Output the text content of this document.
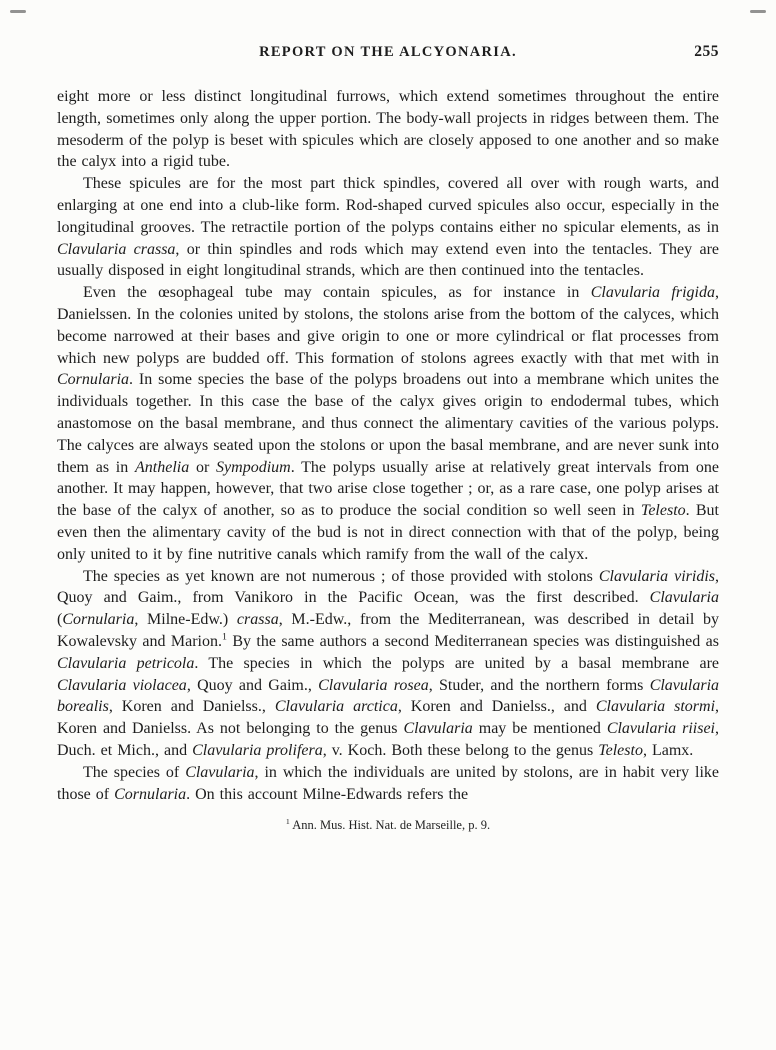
REPORT ON THE ALCYONARIA.	255

eight more or less distinct longitudinal furrows, which extend sometimes throughout the entire length, sometimes only along the upper portion. The body-wall projects in ridges between them. The mesoderm of the polyp is beset with spicules which are closely apposed to one another and so make the calyx into a rigid tube.

These spicules are for the most part thick spindles, covered all over with rough warts, and enlarging at one end into a club-like form. Rod-shaped curved spicules also occur, especially in the longitudinal grooves. The retractile portion of the polyps contains either no spicular elements, as in Clavularia crassa, or thin spindles and rods which may extend even into the tentacles. They are usually disposed in eight longitudinal strands, which are then continued into the tentacles.

Even the œsophageal tube may contain spicules, as for instance in Clavularia frigida, Danielssen. In the colonies united by stolons, the stolons arise from the bottom of the calyces, which become narrowed at their bases and give origin to one or more cylindrical or flat processes from which new polyps are budded off. This formation of stolons agrees exactly with that met with in Cornularia. In some species the base of the polyps broadens out into a membrane which unites the individuals together. In this case the base of the calyx gives origin to endodermal tubes, which anastomose on the basal membrane, and thus connect the alimentary cavities of the various polyps. The calyces are always seated upon the stolons or upon the basal membrane, and are never sunk into them as in Anthelia or Sympodium. The polyps usually arise at relatively great intervals from one another. It may happen, however, that two arise close together ; or, as a rare case, one polyp arises at the base of the calyx of another, so as to produce the social condition so well seen in Telesto. But even then the alimentary cavity of the bud is not in direct connection with that of the polyp, being only united to it by fine nutritive canals which ramify from the wall of the calyx.

The species as yet known are not numerous ; of those provided with stolons Clavularia viridis, Quoy and Gaim., from Vanikoro in the Pacific Ocean, was the first described. Clavularia (Cornularia, Milne-Edw.) crassa, M.-Edw., from the Mediterranean, was described in detail by Kowalevsky and Marion.$^1$ By the same authors a second Mediterranean species was distinguished as Clavularia petricola. The species in which the polyps are united by a basal membrane are Clavularia violacea, Quoy and Gaim., Clavularia rosea, Studer, and the northern forms Clavularia borealis, Koren and Danielss., Clavularia arctica, Koren and Danielss., and Clavularia stormi, Koren and Danielss. As not belonging to the genus Clavularia may be mentioned Clavularia riisei, Duch. et Mich., and Clavularia prolifera, v. Koch. Both these belong to the genus Telesto, Lamx.

The species of Clavularia, in which the individuals are united by stolons, are in habit very like those of Cornularia. On this account Milne-Edwards refers the

$^1$ Ann. Mus. Hist. Nat. de Marseille, p. 9.
